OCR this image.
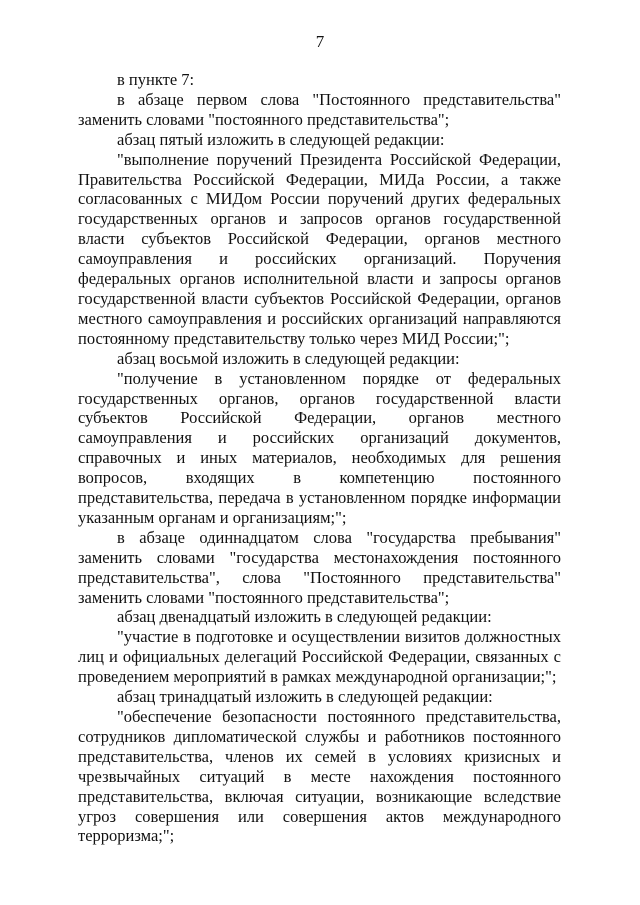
7

в пункте 7:

в абзаце первом слова "Постоянного представительства" заменить словами "постоянного представительства";

абзац пятый изложить в следующей редакции:

"выполнение поручений Президента Российской Федерации, Правительства Российской Федерации, МИДа России, а также согласованных с МИДом России поручений других федеральных государственных органов и запросов органов государственной власти субъектов Российской Федерации, органов местного самоуправления и российских организаций. Поручения федеральных органов исполнительной власти и запросы органов государственной власти субъектов Российской Федерации, органов местного самоуправления и российских организаций направляются постоянному представительству только через МИД России;";

абзац восьмой изложить в следующей редакции:

"получение в установленном порядке от федеральных государственных органов, органов государственной власти субъектов Российской Федерации, органов местного самоуправления и российских организаций документов, справочных и иных материалов, необходимых для решения вопросов, входящих в компетенцию постоянного представительства, передача в установленном порядке информации указанным органам и организациям;";

в абзаце одиннадцатом слова "государства пребывания" заменить словами "государства местонахождения постоянного представительства", слова "Постоянного представительства" заменить словами "постоянного представительства";

абзац двенадцатый изложить в следующей редакции:

"участие в подготовке и осуществлении визитов должностных лиц и официальных делегаций Российской Федерации, связанных с проведением мероприятий в рамках международной организации;";

абзац тринадцатый изложить в следующей редакции:

"обеспечение безопасности постоянного представительства, сотрудников дипломатической службы и работников постоянного представительства, членов их семей в условиях кризисных и чрезвычайных ситуаций в месте нахождения постоянного представительства, включая ситуации, возникающие вследствие угроз совершения или совершения актов международного терроризма;";
